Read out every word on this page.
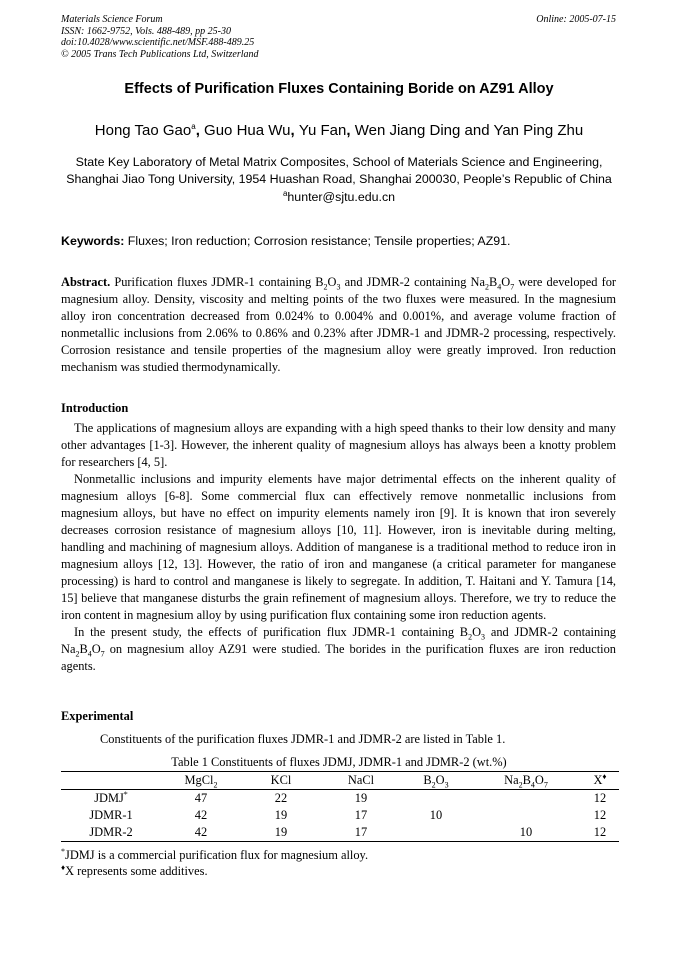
Materials Science Forum
ISSN: 1662-9752, Vols. 488-489, pp 25-30
doi:10.4028/www.scientific.net/MSF.488-489.25
© 2005 Trans Tech Publications Ltd, Switzerland
Online: 2005-07-15
Effects of Purification Fluxes Containing Boride on AZ91 Alloy
Hong Tao Gao$^a$, Guo Hua Wu, Yu Fan, Wen Jiang Ding and Yan Ping Zhu
State Key Laboratory of Metal Matrix Composites, School of Materials Science and Engineering,
Shanghai Jiao Tong University, 1954 Huashan Road, Shanghai 200030, People’s Republic of China
$^a$hunter@sjtu.edu.cn
Keywords: Fluxes; Iron reduction; Corrosion resistance; Tensile properties; AZ91.
Abstract. Purification fluxes JDMR-1 containing $B_2O_3$ and JDMR-2 containing $Na_2B_4O_7$ were developed for magnesium alloy. Density, viscosity and melting points of the two fluxes were measured. In the magnesium alloy iron concentration decreased from 0.024% to 0.004% and 0.001%, and average volume fraction of nonmetallic inclusions from 2.06% to 0.86% and 0.23% after JDMR-1 and JDMR-2 processing, respectively. Corrosion resistance and tensile properties of the magnesium alloy were greatly improved. Iron reduction mechanism was studied thermodynamically.
Introduction
The applications of magnesium alloys are expanding with a high speed thanks to their low density and many other advantages [1-3]. However, the inherent quality of magnesium alloys has always been a knotty problem for researchers [4, 5].
Nonmetallic inclusions and impurity elements have major detrimental effects on the inherent quality of magnesium alloys [6-8]. Some commercial flux can effectively remove nonmetallic inclusions from magnesium alloys, but have no effect on impurity elements namely iron [9]. It is known that iron severely decreases corrosion resistance of magnesium alloys [10, 11]. However, iron is inevitable during melting, handling and machining of magnesium alloys. Addition of manganese is a traditional method to reduce iron in magnesium alloys [12, 13]. However, the ratio of iron and manganese (a critical parameter for manganese processing) is hard to control and manganese is likely to segregate. In addition, T. Haitani and Y. Tamura [14, 15] believe that manganese disturbs the grain refinement of magnesium alloys. Therefore, we try to reduce the iron content in magnesium alloy by using purification flux containing some iron reduction agents.
In the present study, the effects of purification flux JDMR-1 containing $B_2O_3$ and JDMR-2 containing $Na_2B_4O_7$ on magnesium alloy AZ91 were studied. The borides in the purification fluxes are iron reduction agents.
Experimental
Constituents of the purification fluxes JDMR-1 and JDMR-2 are listed in Table 1.
Table 1 Constituents of fluxes JDMJ, JDMR-1 and JDMR-2 (wt.%)
	MgCl$_2$	KCl	NaCl	$B_2O_3$	$Na_2B_4O_7$	X♦
JDMJ*	47	22	19			12
JDMR-1	42	19	17	10		12
JDMR-2	42	19	17		10	12
*JDMJ is a commercial purification flux for magnesium alloy.
♦X represents some additives.
